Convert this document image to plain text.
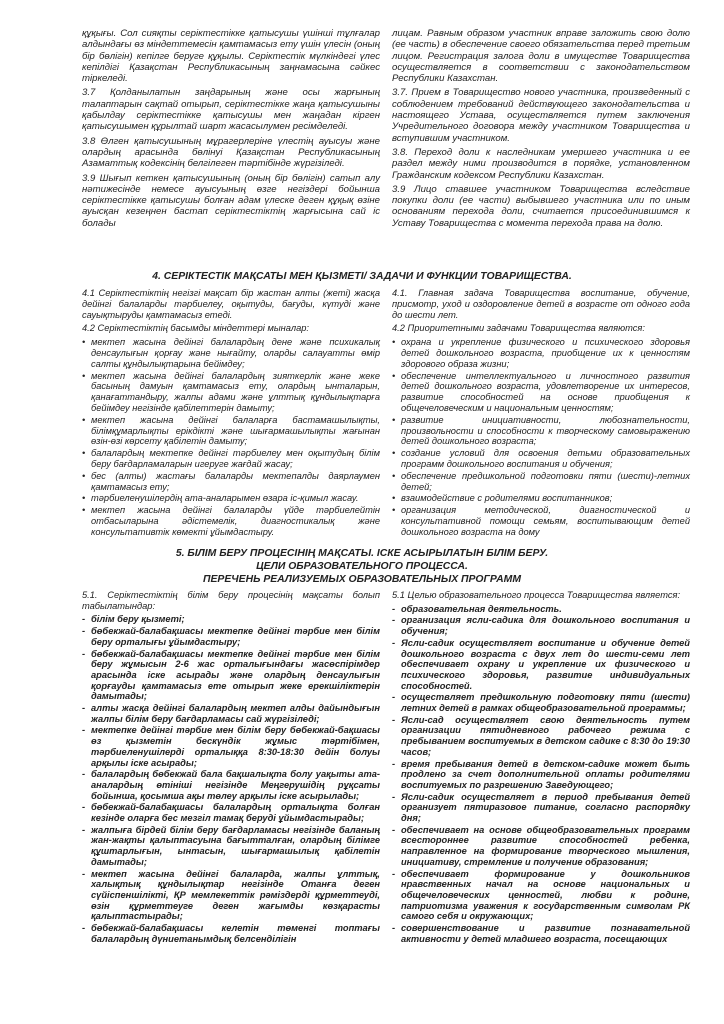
құқығы. Сол сияқты серіктестікке қатысушы үшінші тұлғалар алдындағы өз міндеттемесін қамтамасыз ету үшін үлесін (оның бір бөлігін) кепілге беруге құқылы. Серіктестік мүлкіндегі үлес кепілдігі Қазақстан Республикасының заңнамасына сәйкес тіркеледі.

3.7 Қолданылатын заңдарының және осы жарғының талаптарын сақтай отырып, серіктестікке жаңа қатысушыны қабылдау серіктестікке қатысушы мен жаңадан кірген қатысушымен құрылтай шарт жасасылумен ресімделеді.

3.8 Өлген қатысушының мұрагерлеріне үлестің ауысуы және олардың арасында бөлінуі Қазақстан Республикасының Азаматтық кодексінің белгілеген тәртібінде жүргізіледі.

3.9 Шығып кеткен қатысушының (оның бір бөлігін) сатып алу нәтижесінде немесе ауысуының өзге негіздері бойынша серіктестікке қатысушы болған адам үлеске деген құқық өзіне ауысқан кезеңнен бастап серіктестіктің жарғысына сай іс болады

лицам. Равным образом участник вправе заложить свою долю (ее часть) в обеспечение своего обязательства перед третьим лицом. Регистрация залога доли в имуществе Товарищества осуществляется в соответствии с законодательством Республики Казахстан.

3.7. Прием в Товарищество нового участника, произведенный с соблюдением требований действующего законодательства и настоящего Устава, осуществляется путем заключения Учредительного договора между участником Товарищества и вступившим участником.

3.8. Переход доли к наследникам умершего участника и ее раздел между ними производится в порядке, установленном Гражданским кодексом Республики Казахстан.

3.9 Лицо ставшее участником Товарищества вследствие покупки доли (ее части) выбывшего участника или по иным основаниям перехода доли, считается присоединившимся к Уставу Товарищества с момента перехода права на долю.

4. СЕРІКТЕСТІК МАҚСАТЫ МЕН ҚЫЗМЕТІ/ ЗАДАЧИ И ФУНКЦИИ ТОВАРИЩЕСТВА.

4.1 Серіктестіктің негізгі мақсат бір жастан алты (жеті) жасқа дейінгі балаларды тәрбиелеу, оқытуды, бағуды, күтуді және сауықтыруды қамтамасыз етеді.

4.2 Серіктестіктің басымды міндеттері мыналар:

• мектеп жасына дейінгі балалардың дене және психикалық денсаулығын қорғау және нығайту, оларды салауатты өмір салты құндылықтарына бейімдеу;
• мектеп жасына дейінгі балалардың зияткерлік және жеке басының дамуын қамтамасыз ету, олардың ынталарын, қанағаттандыру, жалпы адами және ұлттық құндылықтарға бейімдеу негізінде қабілеттерін дамыту;
• мектеп жасына дейінгі балаларға бастамашылықты, білімқұмарлықты ерікдікті және шығармашылықты жағынан өзін-өзі көрсету қабілетін дамыту;
• балалардың мектепке дейінгі тәрбиелеу мен оқытудың білім беру бағдарламаларын игеруге жағдай жасау;
• бес (алты) жастағы балаларды мектепалды даярлаумен қамтамасыз ету;
• тәрбиеленушілердің ата-аналарымен өзара іс-қимыл жасау.
• мектеп жасына дейінгі балаларды үйде тәрбиелейтін отбасыларына әдістемелік, диагностикалық және консультативтік көмекті ұйымдастыру.

4.1. Главная задача Товарищества воспитание, обучение, присмотр, уход и оздоровление детей в возрасте от одного года до шести лет.

4.2 Приоритетными задачами Товарищества являются:

• охрана и укрепление физического и психического здоровья детей дошкольного возраста, приобщение их к ценностям здорового образа жизни;
• обеспечение интеллектуального и личностного развития детей дошкольного возраста, удовлетворение их интересов, развитие способностей на основе приобщения к общечеловеческим и национальным ценностям;
• развитие инициативности, любознательности, произвольности и способности к творческому самовыражению детей дошкольного возраста;
• создание условий для освоения детьми образовательных программ дошкольного воспитания и обучения;
• обеспечение предшкольной подготовки пяти (шести)-летних детей;
• взаимодействие с родителями воспитанников;
• организация методической, диагностической и консультативной помощи семьям, воспитывающим детей дошкольного возраста на дому
5. БІЛІМ БЕРУ ПРОЦЕСІНІҢ МАҚСАТЫ. ІСКЕ АСЫРЫЛАТЫН БІЛІМ БЕРУ.
ЦЕЛИ ОБРАЗОВАТЕЛЬНОГО ПРОЦЕССА.
ПЕРЕЧЕНЬ РЕАЛИЗУЕМЫХ ОБРАЗОВАТЕЛЬНЫХ ПРОГРАММ

5.1. Серіктестіктің білім беру процесінің мақсаты болып табылатындар:

- білім беру қызметі;
- бөбекжай-балабақшасы мектепке дейінгі тәрбие мен білім беру орталығы ұйымдастыру;
- бөбекжай-балабақшасы мектепке дейінгі тәрбие мен білім беру жұмысын 2-6 жас орталығындағы жасөспірімдер арасында іске асырады және олардың денсаулығын қорғауды қамтамасыз ете отырып жеке ерекшіліктерін дамытады;
- алты жасқа дейінгі балалардың мектеп алды дайындығын жалпы білім беру бағдарламасы сай жүргізіледі;
- мектепке дейінгі тәрбие мен білім беру бөбекжай-бақшасы өз қызметін бескүндік жұмыс тәртібімен, тәрбиеленушілерді орталыққа 8:30-18:30 дейін болуы арқылы іске асырады;
- балалардың бөбекжай бала бақшалықта болу уақыты ата-аналардың өтініші негізінде Меңгерушідің рұқсаты бойынша, қосымша ақы төлеу арқылы іске асырылады;
- бөбекжай-балабақшасы балалардың орталықта болған кезінде оларға бес мезгіл тамақ беруді ұйымдастырады;
- жалпыға бірдей білім беру бағдарламасы негізінде баланың жан-жақты қалыптасуына бағытталған, олардың білімге құштарлығын, ынтасын, шығармашылық қабілетін дамытады;
- мектеп жасына дейінгі балаларда, жалпы ұлттық, халықтық құндылықтар негізінде Отанға деген сүйіспеншілікті, ҚР мемлекеттік рәміздерді құрметтеуді, өзін құрметтеуге деген жағымды көзқарасты қалыптастырады;
- бөбекжай-балабақшасы келетін төменгі топтағы балалардың дүниетанымдық белсенділігін

5.1 Целью образовательного процесса Товарищества является:

- образовательная деятельность.
- организация ясли-садика для дошкольного воспитания и обучения;
- Ясли-садик осуществляет воспитание и обучение детей дошкольного возраста с двух лет до шести-семи лет обеспечивает охрану и укрепление их физического и психического здоровья, развитие индивидуальных способностей.
- осуществляет предшкольную подготовку пяти (шести) летних детей в рамках общеобразовательной программы;
- Ясли-сад осуществляет свою деятельность путем организации пятидневного рабочего режима с пребыванием воспитуемых в детском садике с 8:30 до 19:30 часов;
- время пребывания детей в детском-садике может быть продлено за счет дополнительной оплаты родителями воспитуемых по разрешению Заведующего;
- Ясли-садик осуществляет в период пребывания детей организует пятиразовое питание, согласно распорядку дня;
- обеспечивает на основе общеобразовательных программ всестороннее развитие способностей ребенка, направленное на формирование творческого мышления, инициативу, стремление и получение образования;
- обеспечивает формирование у дошкольников нравственных начал на основе национальных и общечеловеческих ценностей, любви к родине, патриотизма уважения к государственным символам РК самого себя и окружающих;
- совершенствование и развитие познавательной активности у детей младшего возраста, посещающих
